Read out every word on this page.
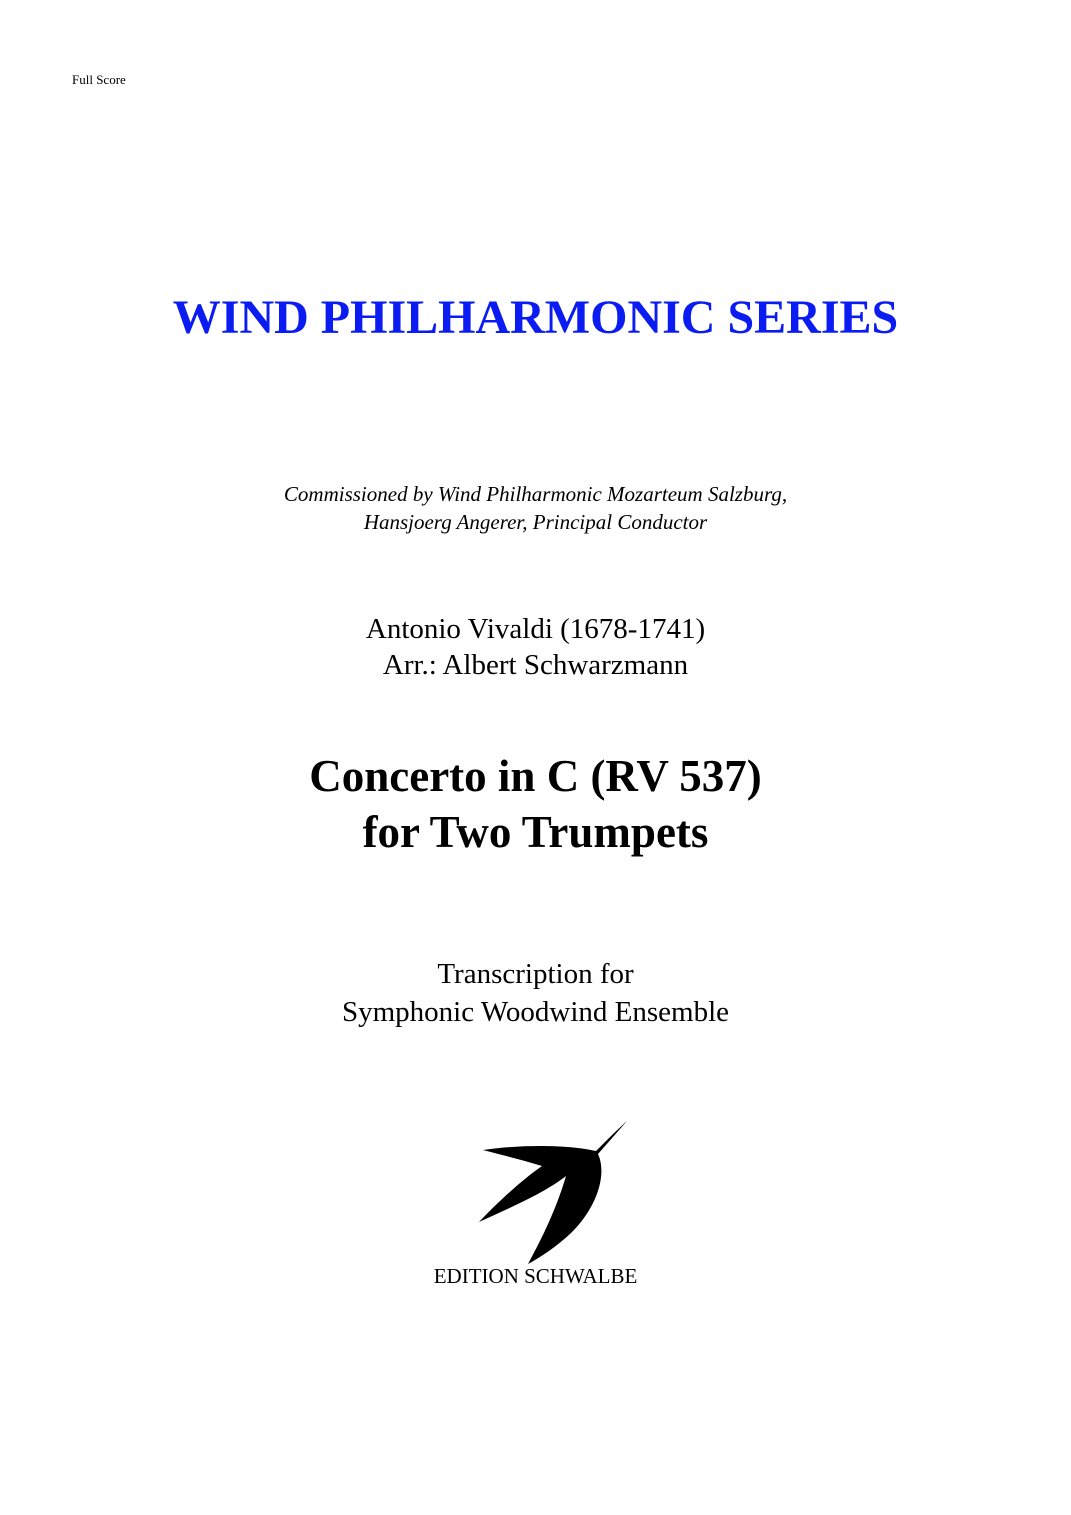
Full Score
WIND PHILHARMONIC SERIES
Commissioned by Wind Philharmonic Mozarteum Salzburg,
Hansjoerg Angerer, Principal Conductor
Antonio Vivaldi (1678-1741)
Arr.: Albert Schwarzmann
Concerto in C (RV 537)
for Two Trumpets
Transcription for
Symphonic Woodwind Ensemble
EDITION SCHWALBE
